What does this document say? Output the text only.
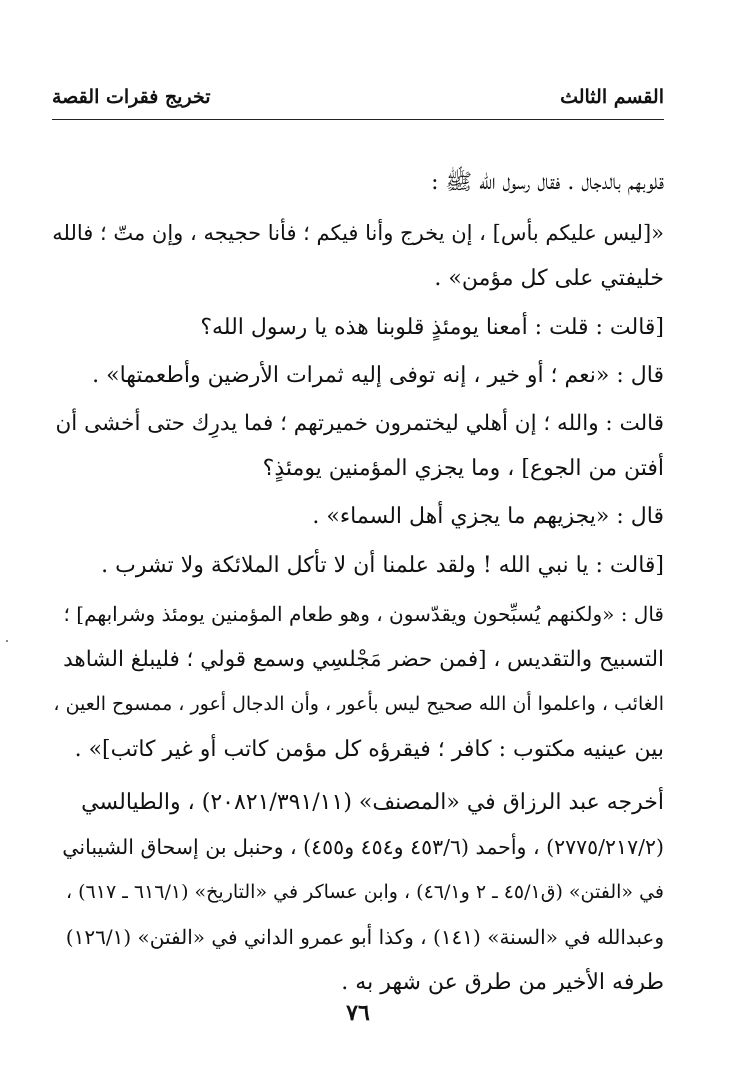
القسم الثالث
تخريج فقرات القصة
قلوبهم بالدجال . فقال رسول الله ﷺ :
«[ليس عليكم بأس] ، إن يخرج وأنا فيكم ؛ فأنا حجيجه ، وإن متّ ؛ فالله
خليفتي على كل مؤمن» .
[قالت : قلت : أمعنا يومئذٍ قلوبنا هذه يا رسول الله؟
قال : «نعم ؛ أو خير ، إنه توفى إليه ثمرات الأرضين وأطعمتها» .
قالت : والله ؛ إن أهلي ليختمرون خميرتهم ؛ فما يدرِك حتى أخشى أن
أفتن من الجوع] ، وما يجزي المؤمنين يومئذٍ؟
قال : «يجزيهم ما يجزي أهل السماء» .
[قالت : يا نبي الله ! ولقد علمنا أن لا تأكل الملائكة ولا تشرب .
قال : «ولكنهم يُسبِّحون ويقدّسون ، وهو طعام المؤمنين يومئذ وشرابهم] ؛
التسبيح والتقديس ، [فمن حضر مَجْلسِي وسمع قولي ؛ فليبلغ الشاهد
الغائب ، واعلموا أن الله صحيح ليس بأعور ، وأن الدجال أعور ، ممسوح العين ،
بين عينيه مكتوب : كافر ؛ فيقرؤه كل مؤمن كاتب أو غير كاتب]» .
أخرجه عبد الرزاق في «المصنف» (٢٠٨٢١/٣٩١/١١) ، والطيالسي
(٢٧٧٥/٢١٧/٢) ، وأحمد (٤٥٣/٦ و٤٥٤ و٤٥٥) ، وحنبل بن إسحاق الشيباني
في «الفتن» (ق٤٥/١ ـ ٢ و٤٦/١) ، وابن عساكر في «التاريخ» (٦١٦/١ ـ ٦١٧) ،
وعبدالله في «السنة» (١٤١) ، وكذا أبو عمرو الداني في «الفتن» (١٢٦/١)
طرفه الأخير من طرق عن شهر به .
٧٦
